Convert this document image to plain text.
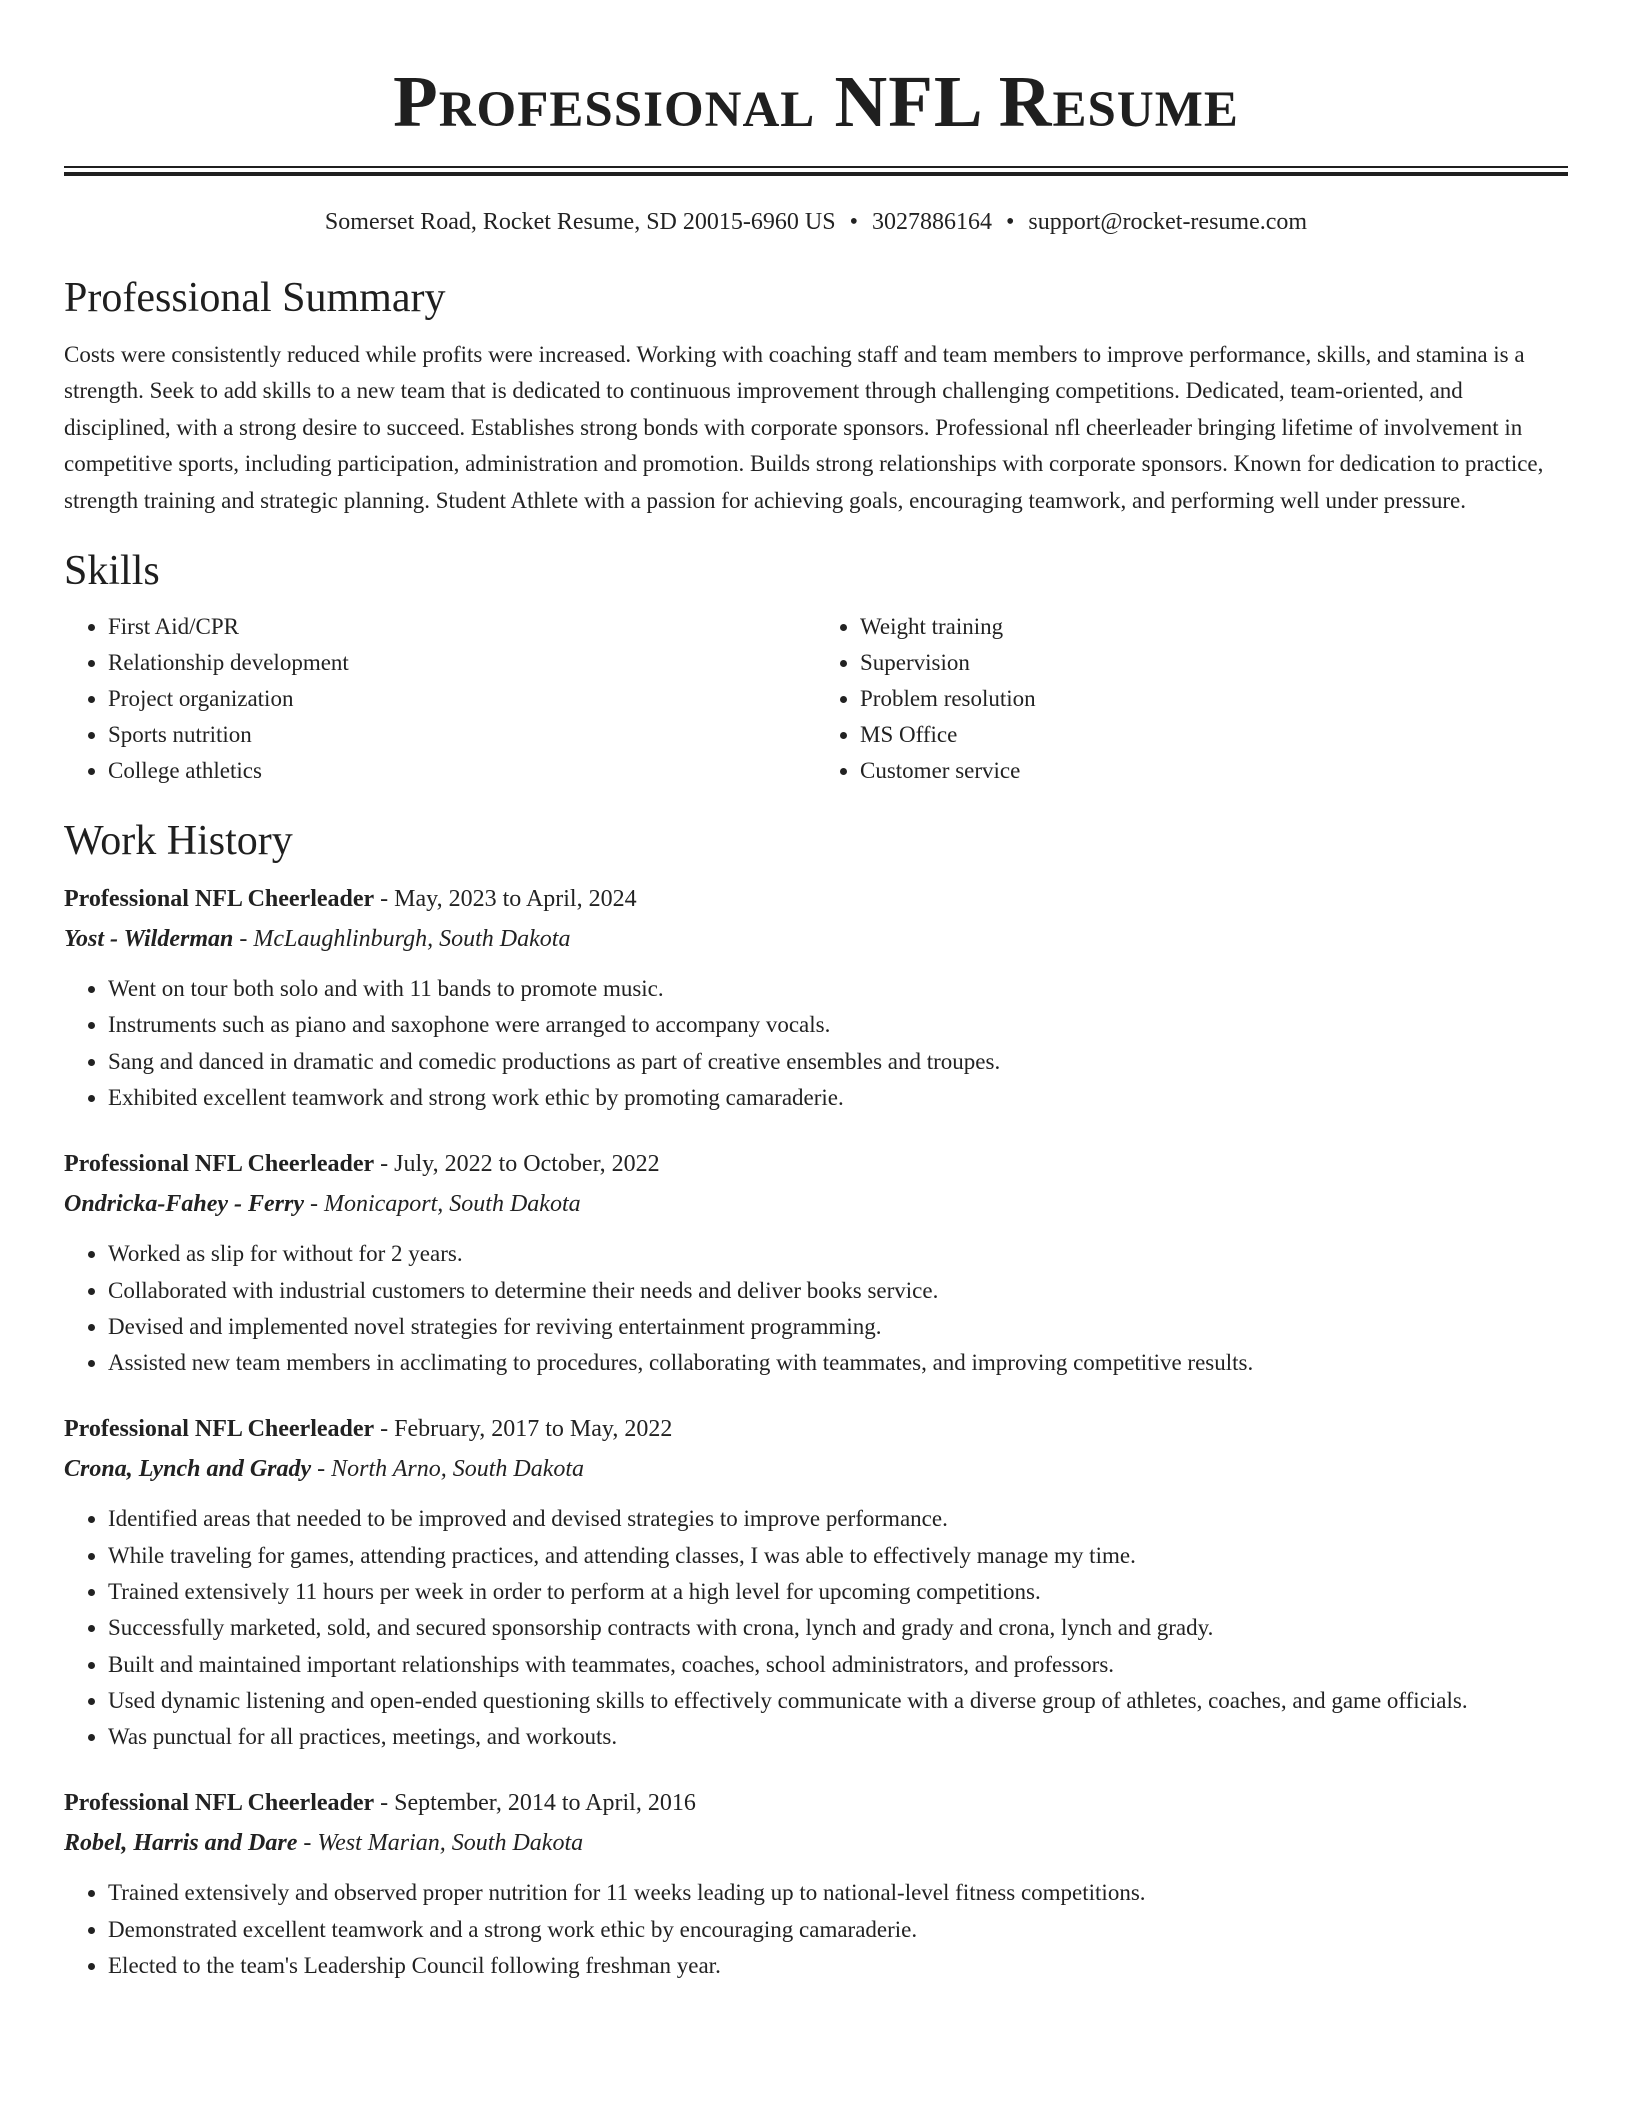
Professional NFL Resume
Somerset Road, Rocket Resume, SD 20015-6960 US • 3027886164 • support@rocket-resume.com
Professional Summary
Costs were consistently reduced while profits were increased. Working with coaching staff and team members to improve performance, skills, and stamina is a strength. Seek to add skills to a new team that is dedicated to continuous improvement through challenging competitions. Dedicated, team-oriented, and disciplined, with a strong desire to succeed. Establishes strong bonds with corporate sponsors. Professional nfl cheerleader bringing lifetime of involvement in competitive sports, including participation, administration and promotion. Builds strong relationships with corporate sponsors. Known for dedication to practice, strength training and strategic planning. Student Athlete with a passion for achieving goals, encouraging teamwork, and performing well under pressure.
Skills
• First Aid/CPR
• Relationship development
• Project organization
• Sports nutrition
• College athletics
• Weight training
• Supervision
• Problem resolution
• MS Office
• Customer service
Work History
Professional NFL Cheerleader - May, 2023 to April, 2024
Yost - Wilderman - McLaughlinburgh, South Dakota
• Went on tour both solo and with 11 bands to promote music.
• Instruments such as piano and saxophone were arranged to accompany vocals.
• Sang and danced in dramatic and comedic productions as part of creative ensembles and troupes.
• Exhibited excellent teamwork and strong work ethic by promoting camaraderie.
Professional NFL Cheerleader - July, 2022 to October, 2022
Ondricka-Fahey - Ferry - Monicaport, South Dakota
• Worked as slip for without for 2 years.
• Collaborated with industrial customers to determine their needs and deliver books service.
• Devised and implemented novel strategies for reviving entertainment programming.
• Assisted new team members in acclimating to procedures, collaborating with teammates, and improving competitive results.
Professional NFL Cheerleader - February, 2017 to May, 2022
Crona, Lynch and Grady - North Arno, South Dakota
• Identified areas that needed to be improved and devised strategies to improve performance.
• While traveling for games, attending practices, and attending classes, I was able to effectively manage my time.
• Trained extensively 11 hours per week in order to perform at a high level for upcoming competitions.
• Successfully marketed, sold, and secured sponsorship contracts with crona, lynch and grady and crona, lynch and grady.
• Built and maintained important relationships with teammates, coaches, school administrators, and professors.
• Used dynamic listening and open-ended questioning skills to effectively communicate with a diverse group of athletes, coaches, and game officials.
• Was punctual for all practices, meetings, and workouts.
Professional NFL Cheerleader - September, 2014 to April, 2016
Robel, Harris and Dare - West Marian, South Dakota
• Trained extensively and observed proper nutrition for 11 weeks leading up to national-level fitness competitions.
• Demonstrated excellent teamwork and a strong work ethic by encouraging camaraderie.
• Elected to the team's Leadership Council following freshman year.
